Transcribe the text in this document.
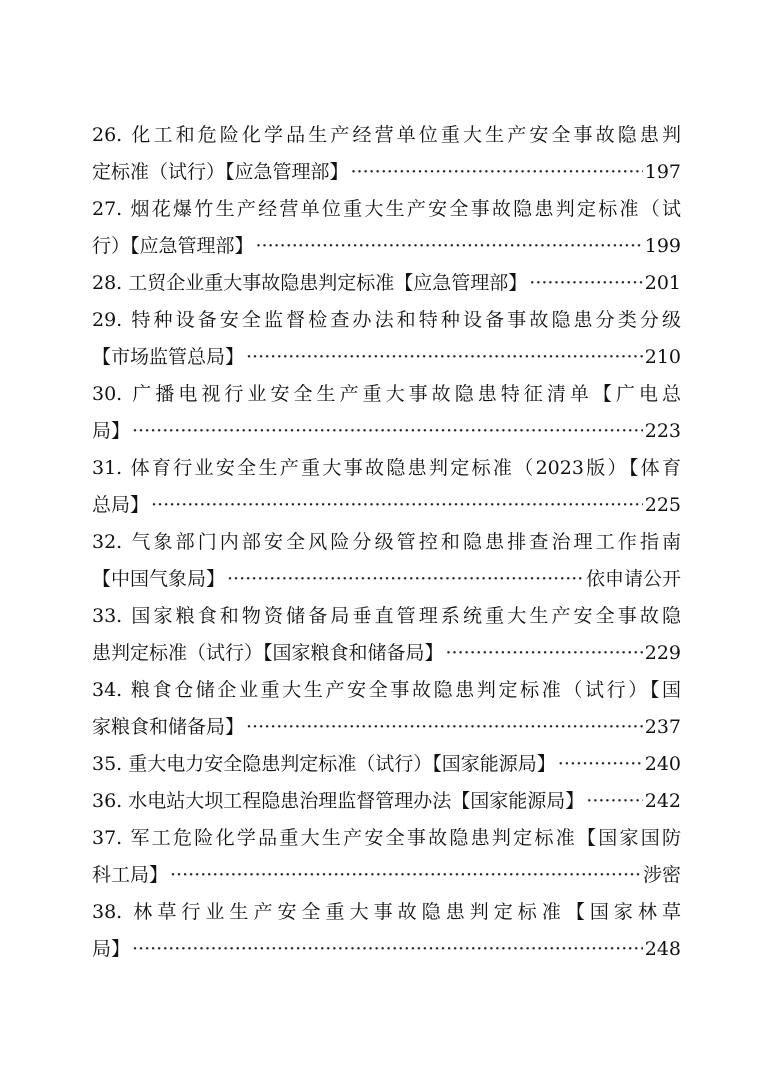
26. 化工和危险化学品生产经营单位重大生产安全事故隐患判
定标准（试行）【应急管理部】 ·····	197
27. 烟花爆竹生产经营单位重大生产安全事故隐患判定标准（试
行）【应急管理部】 ·····	199
28. 工贸企业重大事故隐患判定标准【应急管理部】 ·····	201
29. 特种设备安全监督检查办法和特种设备事故隐患分类分级
【市场监管总局】 ·····	210
30. 广播电视行业安全生产重大事故隐患特征清单【广电总
局】 ·····	223
31. 体育行业安全生产重大事故隐患判定标准（2023版）【体育
总局】 ·····	225
32. 气象部门内部安全风险分级管控和隐患排查治理工作指南
【中国气象局】 ·····	依申请公开
33. 国家粮食和物资储备局垂直管理系统重大生产安全事故隐
患判定标准（试行）【国家粮食和储备局】 ·····	229
34. 粮食仓储企业重大生产安全事故隐患判定标准（试行）【国
家粮食和储备局】 ·····	237
35. 重大电力安全隐患判定标准（试行）【国家能源局】 ·····	240
36. 水电站大坝工程隐患治理监督管理办法【国家能源局】 ·····	242
37. 军工危险化学品重大生产安全事故隐患判定标准【国家国防
科工局】 ·····	涉密
38. 林草行业生产安全重大事故隐患判定标准【国家林草
局】 ·····	248
